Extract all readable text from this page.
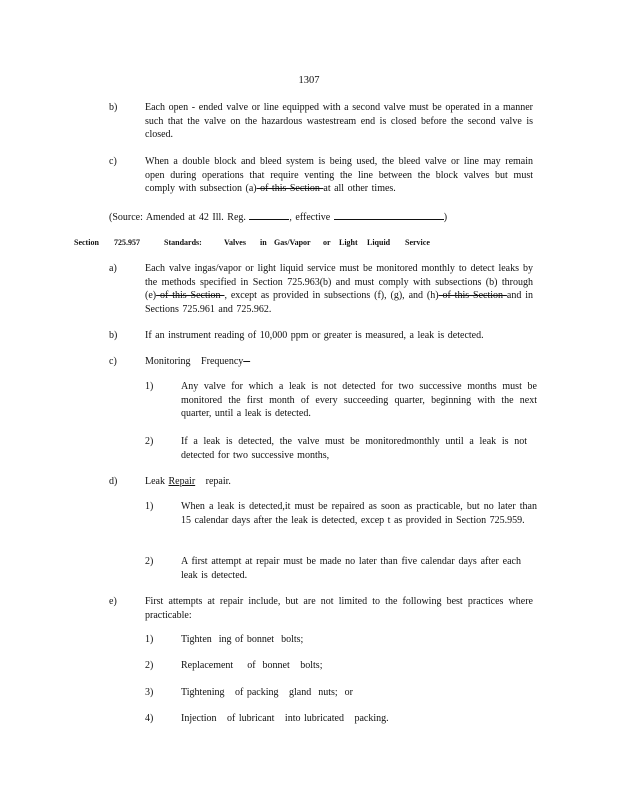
1307
b)	Each open - ended valve or line equipped with a second valve must be operated in a manner such that the valve on the hazardous wastestream end is closed before the second valve is closed.
c)	When a double block and bleed system is being used, the bleed valve or line may remain open during operations that require venting the line between the block valves but must comply with subsection (a) of this Section at all other times.
(Source: Amended at 42 Ill. Reg.	, effective	)
Section 725.957	Standards:	Valves in Gas/Vapor or Light Liquid Service
a)	Each valve ingas/vapor or light liquid service must be monitored monthly to detect leaks by the methods specified in Section 725.963(b) and must comply with subsections (b) through (e) of this Section , except as provided in subsections (f), (g), and (h) of this Section and in Sections 725.961 and 725.962.
b)	If an instrument reading of 10,000 ppm or greater is measured, a leak is detected.
c)	Monitoring   Frequency -
1)	Any valve for which a leak is not detected for two successive months must be monitored the first month of every succeeding quarter, beginning with the next quarter, until a leak is detected.
2)	If a leak is detected, the valve must be monitoredmonthly until a leak is not detected for two successive months,
d)	Leak Repair   repair.
1)	When a leak is detected,it must be repaired as soon as practicable, but no later than 15 calendar days after the leak is detected, excep t as provided in Section 725.959.
2)	A first attempt at repair must be made no later than five calendar days after each leak is detected.
e)	First attempts at repair include, but are not limited to the following best practices where practicable:
1)	Tighten  ing of bonnet  bolts;
2)	Replacement    of  bonnet   bolts;
3)	Tightening   of packing   gland  nuts;  or
4)	Injection   of lubricant   into lubricated   packing.
